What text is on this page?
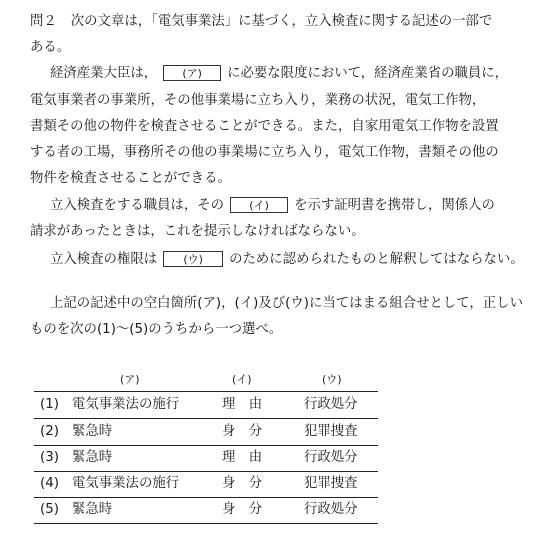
問２ 次の文章は，「電気事業法」に基づく，立入検査に関する記述の一部で
ある。
経済産業大臣は， (ア) に必要な限度において，経済産業省の職員に，
電気事業者の事業所，その他事業場に立ち入り，業務の状況，電気工作物，
書類その他の物件を検査させることができる。また，自家用電気工作物を設置
する者の工場，事務所その他の事業場に立ち入り，電気工作物，書類その他の
物件を検査させることができる。
立入検査をする職員は，その (イ) を示す証明書を携帯し，関係人の
請求があったときは，これを提示しなければならない。
立入検査の権限は (ウ) のために認められたものと解釈してはならない。
上記の記述中の空白箇所(ア)，(イ)及び(ウ)に当てはまる組合せとして，正しい
ものを次の(1)～(5)のうちから一つ選べ。
(ア)	(イ)	(ウ)
(1) 電気事業法の施行	理　由	行政処分
(2) 緊急時	身　分	犯罪捜査
(3) 緊急時	理　由	行政処分
(4) 電気事業法の施行	身　分	犯罪捜査
(5) 緊急時	身　分	行政処分
